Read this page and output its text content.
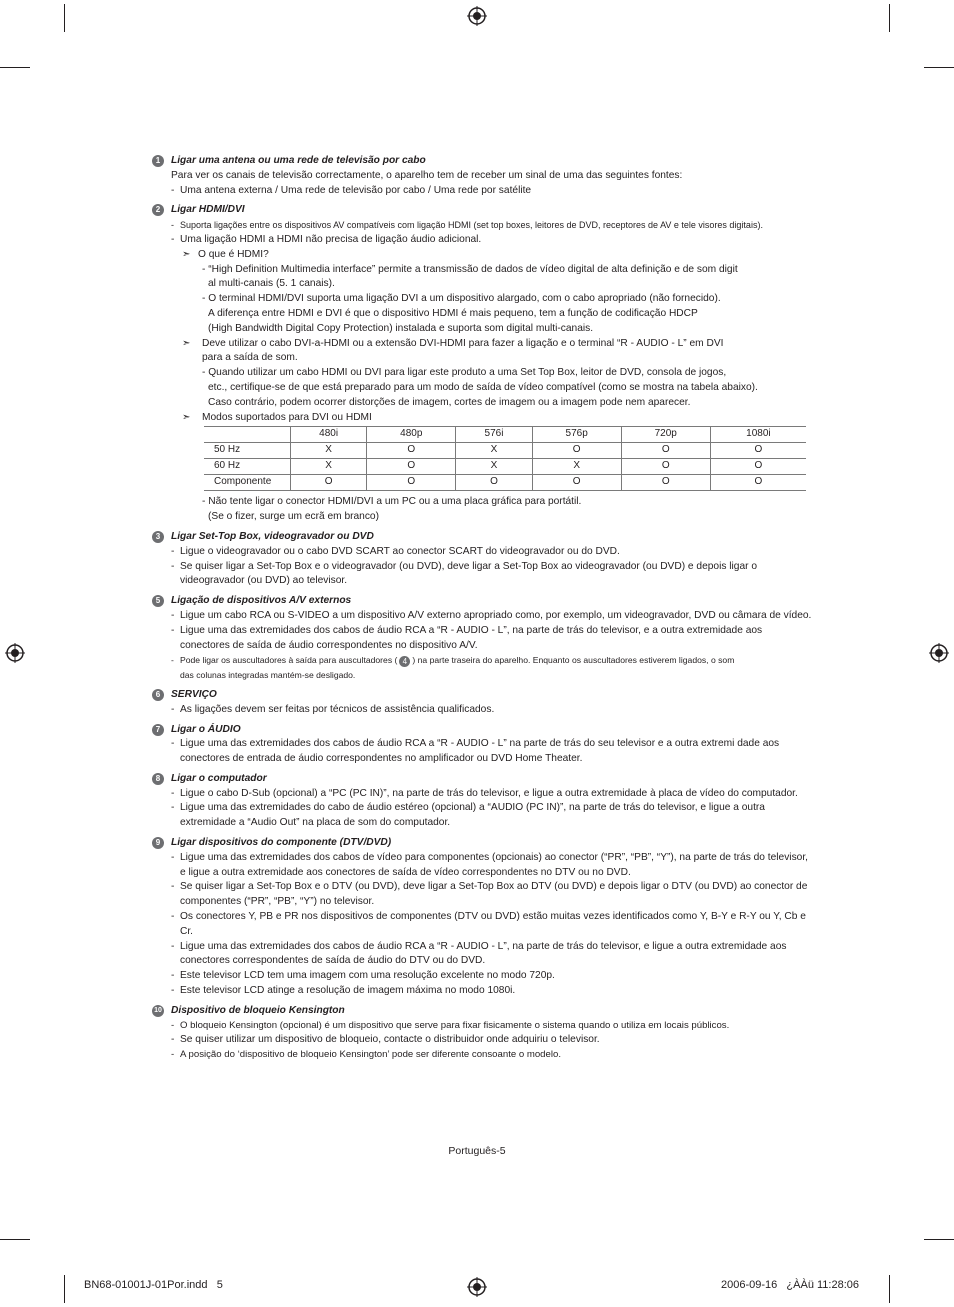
1	Ligar uma antena ou uma rede de televisão por cabo
Para ver os canais de televisão correctamente, o aparelho tem de receber um sinal de uma das seguintes fontes:
- Uma antena externa / Uma rede de televisão por cabo / Uma rede por satélite
2	Ligar HDMI/DVI
- Suporta ligações entre os dispositivos AV compatíveis com ligação HDMI (set top boxes, leitores de DVD, receptores de AV e tele visores digitais).
- Uma ligação HDMI a HDMI não precisa de ligação áudio adicional.
➣ O que é HDMI?
- “High Definition Multimedia interface” permite a transmissão de dados de vídeo digital de alta definição e de som digit
al multi-canais (5. 1 canais).
- O terminal HDMI/DVI suporta uma ligação DVI a um dispositivo alargado, com o cabo apropriado (não fornecido).
A diferença entre HDMI e DVI é que o dispositivo HDMI é mais pequeno, tem a função de codificação HDCP
(High Bandwidth Digital Copy Protection) instalada e suporta som digital multi-canais.
➣ Deve utilizar o cabo DVI-a-HDMI ou a extensão DVI-HDMI para fazer a ligação e o terminal “R - AUDIO - L” em DVI
para a saída de som.
- Quando utilizar um cabo HDMI ou DVI para ligar este produto a uma Set Top Box, leitor de DVD, consola de jogos,
etc., certifique-se de que está preparado para um modo de saída de vídeo compatível (como se mostra na tabela abaixo).
Caso contrário, podem ocorrer distorções de imagem, cortes de imagem ou a imagem pode nem aparecer.
➣ Modos suportados para DVI ou HDMI
	480i	480p	576i	576p	720p	1080i
50 Hz	X	O	X	O	O	O
60 Hz	X	O	X	X	O	O
Componente	O	O	O	O	O	O
- Não tente ligar o conector HDMI/DVI a um PC ou a uma placa gráfica para portátil.
(Se o fizer, surge um ecrã em branco)
3	Ligar Set-Top Box, videogravador ou DVD
- Ligue o videogravador ou o cabo DVD SCART ao conector SCART do videogravador ou do DVD.
- Se quiser ligar a Set-Top Box e o videogravador (ou DVD), deve ligar a Set-Top Box ao videogravador (ou DVD) e depois ligar o videogravador (ou DVD) ao televisor.
5	Ligação de dispositivos A/V externos
- Ligue um cabo RCA ou S-VIDEO a um dispositivo A/V externo apropriado como, por exemplo, um videogravador, DVD ou câmara de vídeo.
- Ligue uma das extremidades dos cabos de áudio RCA a “R - AUDIO - L”, na parte de trás do televisor, e a outra extremidade aos conectores de saída de áudio correspondentes no dispositivo A/V.
- Pode ligar os auscultadores à saída para auscultadores ( 4 ) na parte traseira do aparelho. Enquanto os auscultadores estiverem ligados, o som
das colunas integradas mantém-se desligado.
6	SERVIÇO
- As ligações devem ser feitas por técnicos de assistência qualificados.
7	Ligar o ÁUDIO
- Ligue uma das extremidades dos cabos de áudio RCA a “R - AUDIO - L” na parte de trás do seu televisor e a outra extremi dade aos conectores de entrada de áudio correspondentes no amplificador ou DVD Home Theater.
8	Ligar o computador
- Ligue o cabo D-Sub (opcional) a “PC (PC IN)”, na parte de trás do televisor, e ligue a outra extremidade à placa de vídeo do computador.
- Ligue uma das extremidades do cabo de áudio estéreo (opcional) a “AUDIO (PC IN)”, na parte de trás do televisor, e ligue a outra extremidade a “Audio Out” na placa de som do computador.
9	Ligar dispositivos do componente (DTV/DVD)
- Ligue uma das extremidades dos cabos de vídeo para componentes (opcionais) ao conector (“PR”, “PB”, “Y”), na parte de trás do televisor, e ligue a outra extremidade aos conectores de saída de vídeo correspondentes no DTV ou no DVD.
- Se quiser ligar a Set-Top Box e o DTV (ou DVD), deve ligar a Set-Top Box ao DTV (ou DVD) e depois ligar o DTV (ou DVD) ao conector de componentes (“PR”, “PB”, “Y”) no televisor.
- Os conectores Y, PB e PR nos dispositivos de componentes (DTV ou DVD) estão muitas vezes identificados como Y, B-Y e R-Y ou Y, Cb e Cr.
- Ligue uma das extremidades dos cabos de áudio RCA a “R - AUDIO - L”, na parte de trás do televisor, e ligue a outra extremidade aos conectores correspondentes de saída de áudio do DTV ou do DVD.
- Este televisor LCD tem uma imagem com uma resolução excelente no modo 720p.
- Este televisor LCD atinge a resolução de imagem máxima no modo 1080i.
10 Dispositivo de bloqueio Kensington
- O bloqueio Kensington (opcional) é um dispositivo que serve para fixar fisicamente o sistema quando o utiliza em locais públicos.
- Se quiser utilizar um dispositivo de bloqueio, contacte o distribuidor onde adquiriu o televisor.
- A posição do ‘dispositivo de bloqueio Kensington’ pode ser diferente consoante o modelo.
Português-5
BN68-01001J-01Por.indd   5	2006-09-16   ¿ÀÀü 11:28:06
